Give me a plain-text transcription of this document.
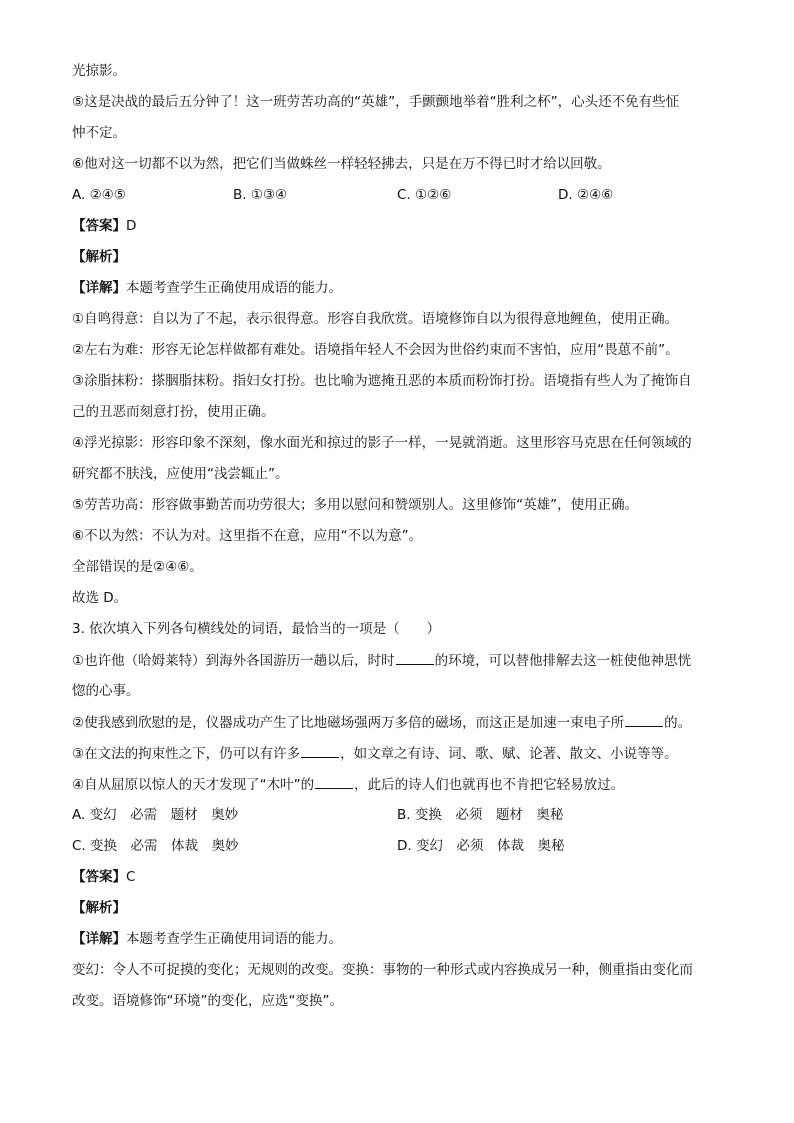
光掠影。
⑤这是决战的最后五分钟了！这一班劳苦功高的“英雄”，手颤颤地举着“胜利之杯”，心头还不免有些怔
忡不定。
⑥他对这一切都不以为然，把它们当做蛛丝一样轻轻拂去，只是在万不得已时才给以回敬。
A. ②④⑤	B. ①③④	C. ①②⑥	D. ②④⑥
【答案】D
【解析】
【详解】本题考查学生正确使用成语的能力。
①自鸣得意：自以为了不起，表示很得意。形容自我欣赏。语境修饰自以为很得意地鲤鱼，使用正确。
②左右为难：形容无论怎样做都有难处。语境指年轻人不会因为世俗约束而不害怕，应用“畏葸不前”。
③涂脂抹粉：搽胭脂抹粉。指妇女打扮。也比喻为遮掩丑恶的本质而粉饰打扮。语境指有些人为了掩饰自
己的丑恶而刻意打扮，使用正确。
④浮光掠影：形容印象不深刻，像水面光和掠过的影子一样，一晃就消逝。这里形容马克思在任何领域的
研究都不肤浅，应使用“浅尝辄止”。
⑤劳苦功高：形容做事勤苦而功劳很大；多用以慰问和赞颂别人。这里修饰“英雄”，使用正确。
⑥不以为然：不认为对。这里指不在意，应用“不以为意”。
全部错误的是②④⑥。
故选 D。
3. 依次填入下列各句横线处的词语，最恰当的一项是（　　）
①也许他（哈姆莱特）到海外各国游历一趟以后，时时	的环境，可以替他排解去这一桩使他神思恍
惚的心事。
②使我感到欣慰的是，仪器成功产生了比地磁场强两万多倍的磁场，而这正是加速一束电子所	的。
③在文法的拘束性之下，仍可以有许多	，如文章之有诗、词、歌、赋、论著、散文、小说等等。
④自从屈原以惊人的天才发现了“木叶”的	，此后的诗人们也就再也不肯把它轻易放过。
A. 变幻　必需　题材　奥妙	B. 变换　必须　题材　奥秘
C. 变换　必需　体裁　奥妙	D. 变幻　必须　体裁　奥秘
【答案】C
【解析】
【详解】本题考查学生正确使用词语的能力。
变幻：令人不可捉摸的变化；无规则的改变。变换：事物的一种形式或内容换成另一种，侧重指由变化而
改变。语境修饰“环境”的变化，应选“变换”。
